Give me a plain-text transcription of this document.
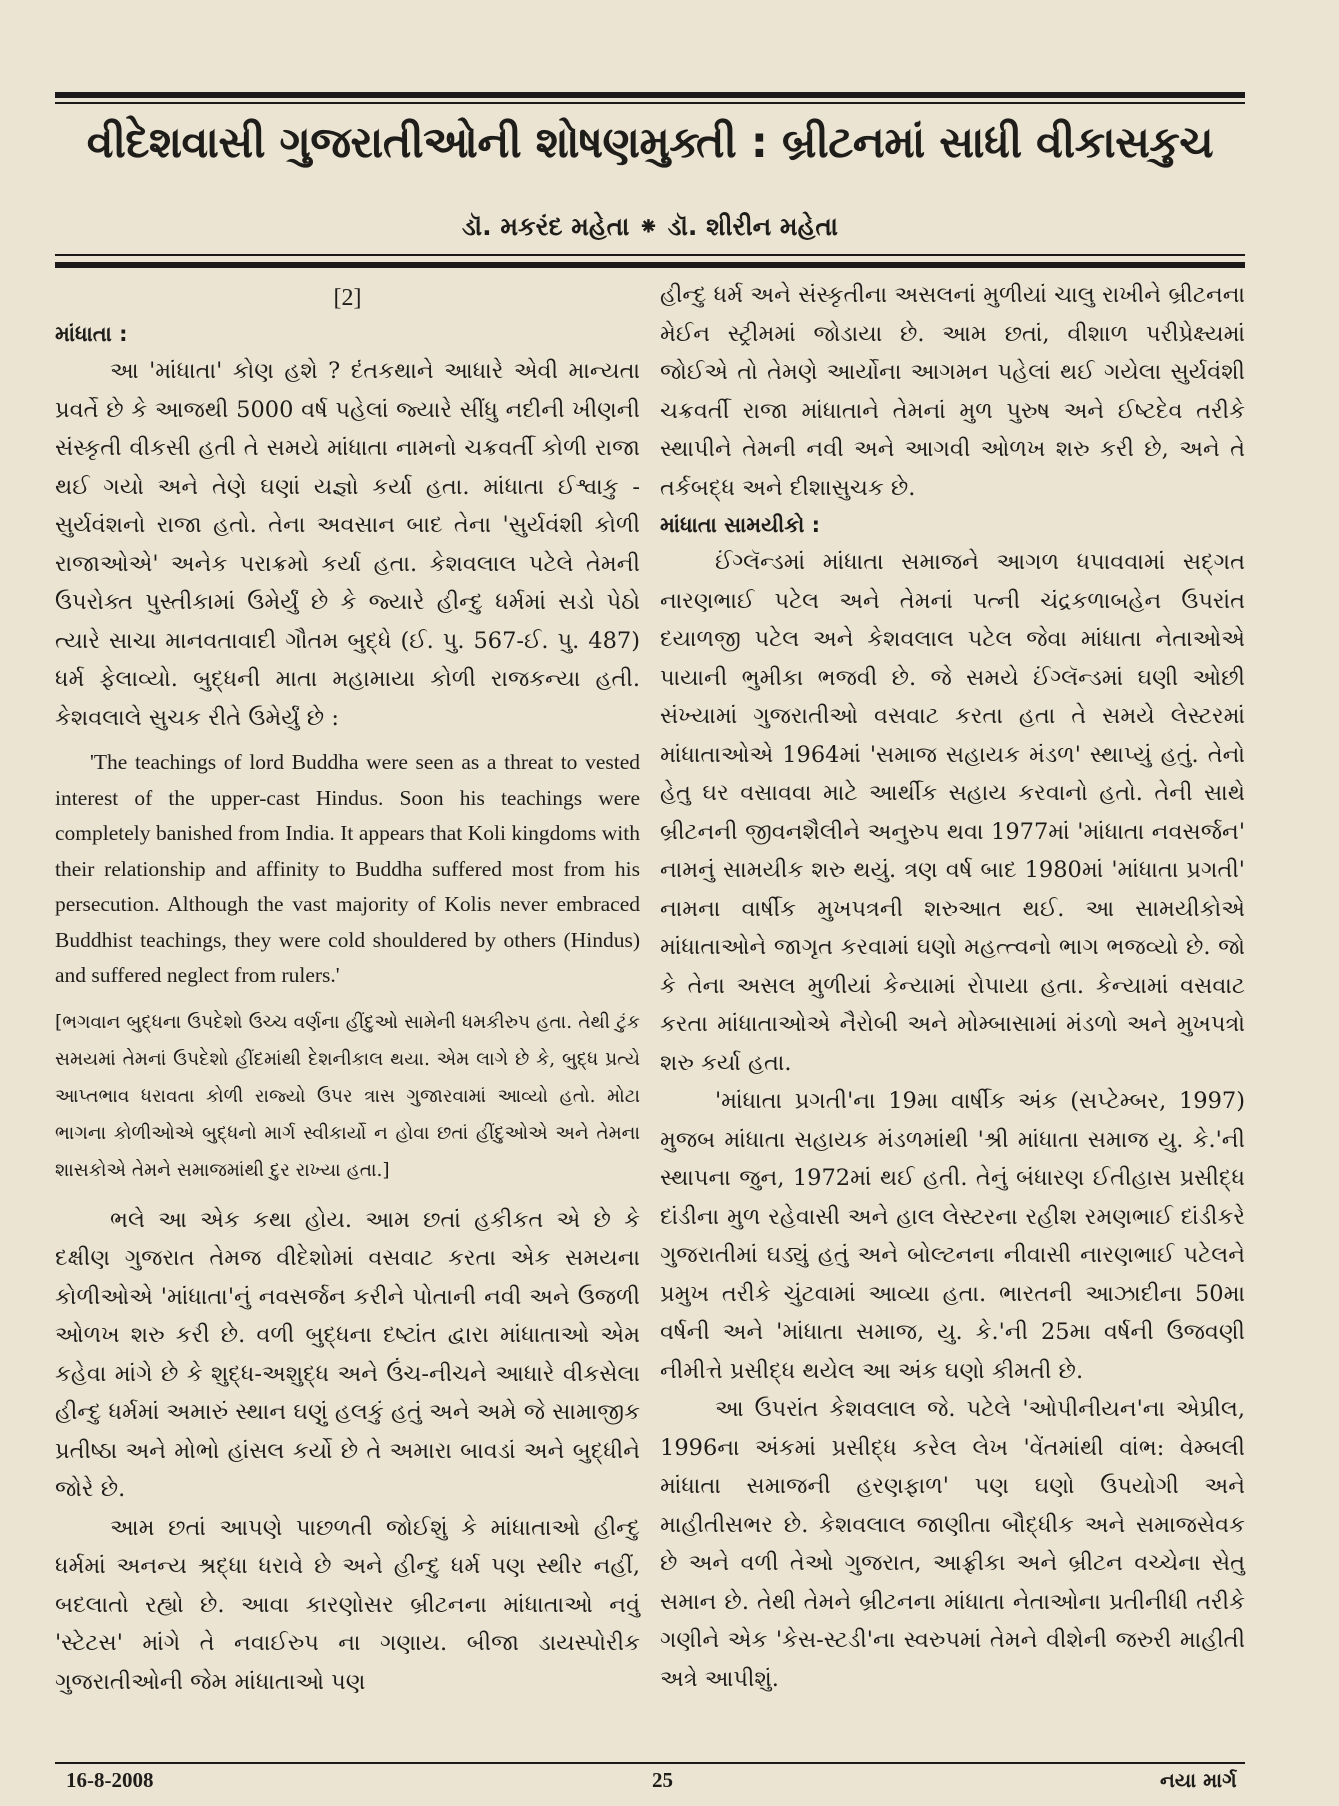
વીદેશવાસી ગુજરાતીઓની શોષણમુક્તી : બ્રીટનમાં સાધી વીકાસકુચ
ડૉ. મકરંદ મહેતા ⁕ ડૉ. શીરીન મહેતા

[2]

માંધાતા :

આ 'માંધાતા' કોણ હશે ? દંતકથાને આધારે એવી માન્યતા પ્રવર્તે છે કે આજથી 5000 વર્ષ પહેલાં જ્યારે સીંધુ નદીની ખીણની સંસ્કૃતી વીકસી હતી તે સમયે માંધાતા નામનો ચક્રવર્તી કોળી રાજા થઈ ગયો અને તેણે ઘણાં યજ્ઞો કર્યા હતા. માંધાતા ઈશ્વાકુ - સુર્યવંશનો રાજા હતો. તેના અવસાન બાદ તેના 'સુર્યવંશી કોળી રાજાઓએ' અનેક પરાક્રમો કર્યા હતા. કેશવલાલ પટેલે તેમની ઉપરોક્ત પુસ્તીકામાં ઉમેર્યું છે કે જ્યારે હીન્દુ ધર્મમાં સડો પેઠો ત્યારે સાચા માનવતાવાદી ગૌતમ બુદ્ધે (ઈ. પુ. 567-ઈ. પુ. 487) ધર્મ ફેલાવ્યો. બુદ્ધની માતા મહામાયા કોળી રાજકન્યા હતી. કેશવલાલે સુચક રીતે ઉમેર્યું છે :

'The teachings of lord Buddha were seen as a threat to vested interest of the upper-cast Hindus. Soon his teachings were completely banished from India. It appears that Koli kingdoms with their relationship and affinity to Buddha suffered most from his persecution. Although the vast majority of Kolis never embraced Buddhist teachings, they were cold shouldered by others (Hindus) and suffered neglect from rulers.'

[ભગવાન બુદ્ધના ઉપદેશો ઉચ્ચ વર્ણના હીંદુઓ સામેની ધમકીરુપ હતા. તેથી ટુંક સમયમાં તેમનાં ઉપદેશો હીંદમાંથી દેશનીકાલ થયા. એમ લાગે છે કે, બુદ્ધ પ્રત્યે આપ્તભાવ ધરાવતા કોળી રાજ્યો ઉપર ત્રાસ ગુજારવામાં આવ્યો હતો. મોટા ભાગના કોળીઓએ બુદ્ધનો માર્ગ સ્વીકાર્યો ન હોવા છતાં હીંદુઓએ અને તેમના શાસકોએ તેમને સમાજમાંથી દુર રાખ્યા હતા.]

ભલે આ એક કથા હોય. આમ છતાં હકીકત એ છે કે દક્ષીણ ગુજરાત તેમજ વીદેશોમાં વસવાટ કરતા એક સમયના કોળીઓએ 'માંધાતા'નું નવસર્જન કરીને પોતાની નવી અને ઉજળી ઓળખ શરુ કરી છે. વળી બુદ્ધના દષ્ટાંત દ્વારા માંધાતાઓ એમ કહેવા માંગે છે કે શુદ્ધ-અશુદ્ધ અને ઉંચ-નીચને આધારે વીકસેલા હીન્દુ ધર્મમાં અમારું સ્થાન ઘણું હલકું હતું અને અમે જે સામાજીક પ્રતીષ્ઠા અને મોભો હાંસલ કર્યો છે તે અમારા બાવડાં અને બુદ્ધીને જોરે છે.

આમ છતાં આપણે પાછળતી જોઈશું કે માંધાતાઓ હીન્દુ ધર્મમાં અનન્ય શ્રદ્ધા ધરાવે છે અને હીન્દુ ધર્મ પણ સ્થીર નહીં, બદલાતો રહ્યો છે. આવા કારણોસર બ્રીટનના માંધાતાઓ નવું 'સ્ટેટસ' માંગે તે નવાઈરુપ ના ગણાય. બીજા ડાયસ્પોરીક ગુજરાતીઓની જેમ માંધાતાઓ પણ

હીન્દુ ધર્મ અને સંસ્કૃતીના અસલનાં મુળીયાં ચાલુ રાખીને બ્રીટનના મેઈન સ્ટ્રીમમાં જોડાયા છે. આમ છતાં, વીશાળ પરીપ્રેક્ષ્યમાં જોઈએ તો તેમણે આર્યોના આગમન પહેલાં થઈ ગયેલા સુર્યવંશી ચક્રવર્તી રાજા માંધાતાને તેમનાં મુળ પુરુષ અને ઈષ્ટદેવ તરીકે સ્થાપીને તેમની નવી અને આગવી ઓળખ શરુ કરી છે, અને તે તર્કબદ્ધ અને દીશાસુચક છે.

માંધાતા સામયીકો :

ઈંગ્લૅન્ડમાં માંધાતા સમાજને આગળ ધપાવવામાં સદ્ગત નારણભાઈ પટેલ અને તેમનાં પત્ની ચંદ્રકળાબહેન ઉપરાંત દયાળજી પટેલ અને કેશવલાલ પટેલ જેવા માંધાતા નેતાઓએ પાયાની ભુમીકા ભજવી છે. જે સમયે ઈંગ્લૅન્ડમાં ઘણી ઓછી સંખ્યામાં ગુજરાતીઓ વસવાટ કરતા હતા તે સમયે લેસ્ટરમાં માંધાતાઓએ 1964માં 'સમાજ સહાયક મંડળ' સ્થાપ્યું હતું. તેનો હેતુ ઘર વસાવવા માટે આર્થીક સહાય કરવાનો હતો. તેની સાથે બ્રીટનની જીવનશૈલીને અનુરુપ થવા 1977માં 'માંધાતા નવસર્જન' નામનું સામયીક શરુ થયું. ત્રણ વર્ષ બાદ 1980માં 'માંધાતા પ્રગતી' નામના વાર્ષીક મુખપત્રની શરુઆત થઈ. આ સામયીકોએ માંધાતાઓને જાગૃત કરવામાં ઘણો મહત્ત્વનો ભાગ ભજવ્યો છે. જો કે તેના અસલ મુળીયાં કેન્યામાં રોપાયા હતા. કેન્યામાં વસવાટ કરતા માંધાતાઓએ નૈરોબી અને મોમ્બાસામાં મંડળો અને મુખપત્રો શરુ કર્યા હતા.

'માંધાતા પ્રગતી'ના 19મા વાર્ષીક અંક (સપ્ટેમ્બર, 1997) મુજબ માંધાતા સહાયક મંડળમાંથી 'શ્રી માંધાતા સમાજ યુ. કે.'ની સ્થાપના જુન, 1972માં થઈ હતી. તેનું બંધારણ ઈતીહાસ પ્રસીદ્ધ દાંડીના મુળ રહેવાસી અને હાલ લેસ્ટરના રહીશ રમણભાઈ દાંડીકરે ગુજરાતીમાં ઘડ્યું હતું અને બોલ્ટનના નીવાસી નારણભાઈ પટેલને પ્રમુખ તરીકે ચુંટવામાં આવ્યા હતા. ભારતની આઝાદીના 50મા વર્ષની અને 'માંધાતા સમાજ, યુ. કે.'ની 25મા વર્ષની ઉજવણી નીમીત્તે પ્રસીદ્ધ થયેલ આ અંક ઘણો કીમતી છે.

આ ઉપરાંત કેશવલાલ જે. પટેલે 'ઓપીનીયન'ના એપ્રીલ, 1996ના અંકમાં પ્રસીદ્ધ કરેલ લેખ 'વેંતમાંથી વાંભ: વેમ્બલી માંધાતા સમાજની હરણફાળ' પણ ઘણો ઉપયોગી અને માહીતીસભર છે. કેશવલાલ જાણીતા બૌદ્ધીક અને સમાજસેવક છે અને વળી તેઓ ગુજરાત, આફ્રીકા અને બ્રીટન વચ્ચેના સેતુ સમાન છે. તેથી તેમને બ્રીટનના માંધાતા નેતાઓના પ્રતીનીધી તરીકે ગણીને એક 'કેસ-સ્ટડી'ના સ્વરુપમાં તેમને વીશેની જરુરી માહીતી અત્રે આપીશું.

16-8-2008	25	નયા માર્ગ
